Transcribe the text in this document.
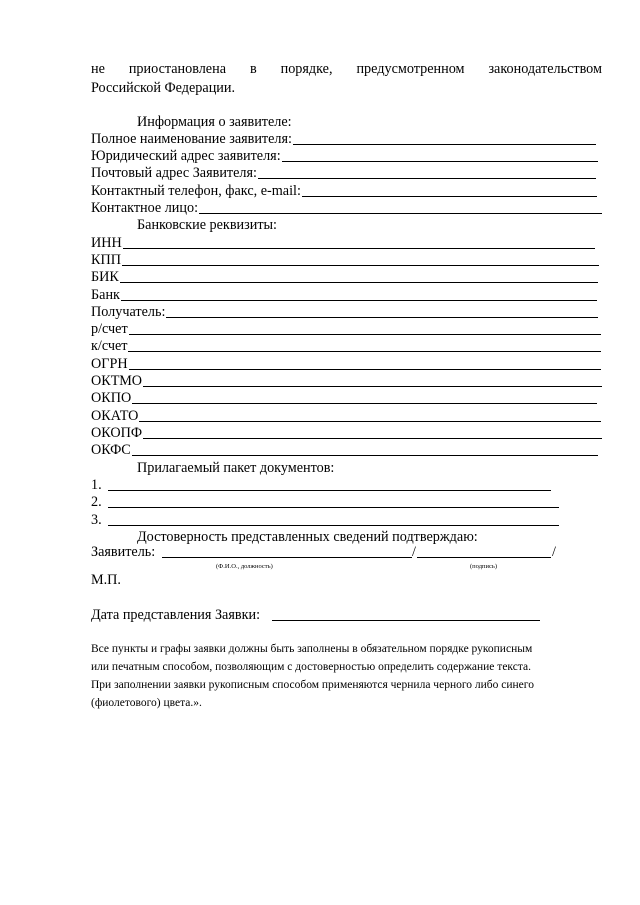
не приостановлена в порядке, предусмотренном законодательством
Российской Федерации.

Информация о заявителе:
Полное наименование заявителя:
Юридический адрес заявителя:
Почтовый адрес Заявителя:
Контактный телефон, факс, e-mail:
Контактное лицо:
Банковские реквизиты:
ИНН
КПП
БИК
Банк
Получатель:
р/счет
к/счет
ОГРН
ОКТМО
ОКПО
ОКАТО
ОКОПФ
ОКФС
Прилагаемый пакет документов:
1.
2.
3.
Достоверность представленных сведений подтверждаю:
Заявитель:	/	/
(Ф.И.О., должность)	(подпись)
М.П.
Дата представления Заявки:

Все пункты и графы заявки должны быть заполнены в обязательном порядке рукописным
или печатным способом, позволяющим с достоверностью определить содержание текста.
При заполнении заявки рукописным способом применяются чернила черного либо синего
(фиолетового) цвета.».
